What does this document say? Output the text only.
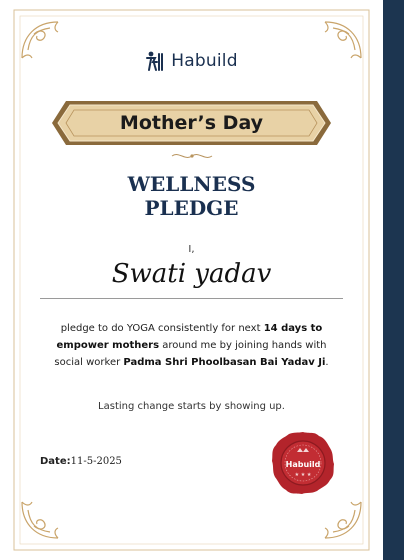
Habuild
Mother’s Day
WELLNESS
PLEDGE
I,
Swati yadav
pledge to do YOGA consistently for next 14 days to empower mothers around me by joining hands with social worker Padma Shri Phoolbasan Bai Yadav Ji.
Lasting change starts by showing up.
Date:11-5-2025	Habuild
★ ★ ★
